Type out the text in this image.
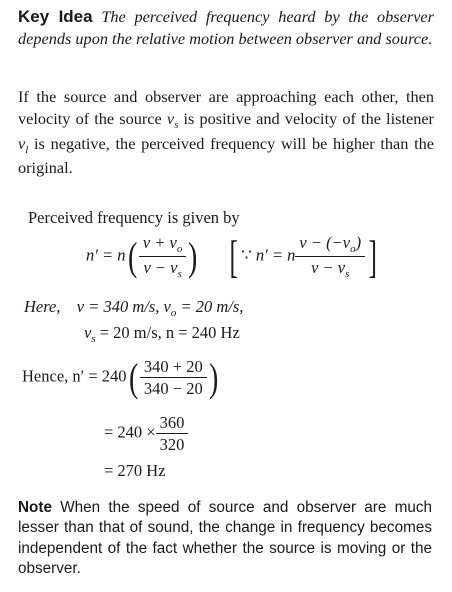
Key Idea The perceived frequency heard by the observer depends upon the relative motion between observer and source.

If the source and observer are approaching each other, then velocity of the source $v_s$ is positive and velocity of the listener $v_l$ is negative, the perceived frequency will be higher than the original.

Perceived frequency is given by
$n' = n( \frac{v + v_o}{v - v_s}$ ) [ ∵ n′ = n $\frac{v - (-v_o)}{v - v_s}$ ]
Here, v = 340 m/s, $v_o = 20$ m/s,
$v_s = 20$ m/s, n = 240 Hz
Hence, $n' = 240( \frac{340 + 20}{340 - 20}$ )
= $240 \times \frac{360}{320}$
= 270 Hz

Note When the speed of source and observer are much lesser than that of sound, the change in frequency becomes independent of the fact whether the source is moving or the observer.
